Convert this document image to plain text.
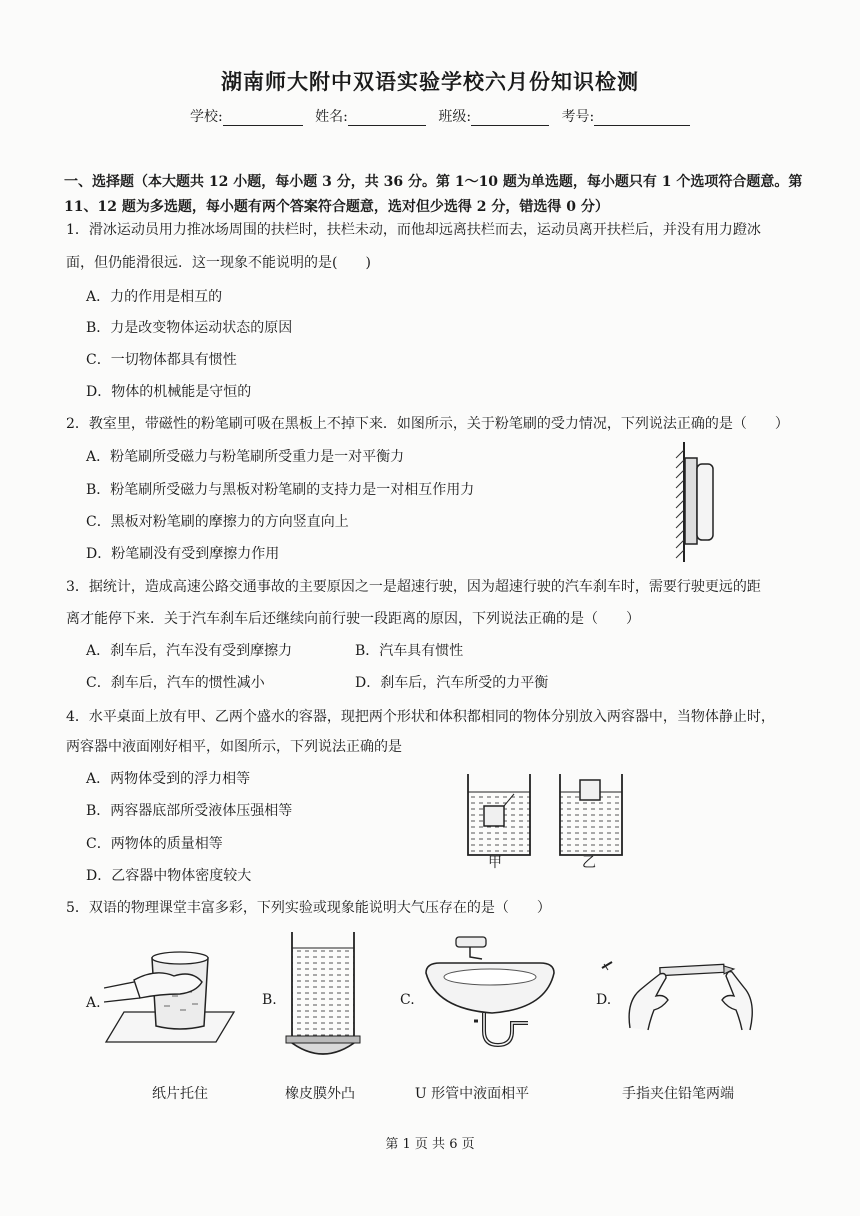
湖南师大附中双语实验学校六月份知识检测
学校:	姓名:	班级:	考号:
一、选择题（本大题共 12 小题，每小题 3 分，共 36 分。第 1～10 题为单选题，每小题只有 1 个选项符合题意。第
11、12 题为多选题，每小题有两个答案符合题意，选对但少选得 2 分，错选得 0 分）
1．滑冰运动员用力推冰场周围的扶栏时，扶栏未动，而他却远离扶栏而去，运动员离开扶栏后，并没有用力蹬冰
面，但仍能滑很远．这一现象不能说明的是(　　)
A．力的作用是相互的
B．力是改变物体运动状态的原因
C．一切物体都具有惯性
D．物体的机械能是守恒的
2．教室里，带磁性的粉笔刷可吸在黑板上不掉下来．如图所示，关于粉笔刷的受力情况，下列说法正确的是（　　）
A．粉笔刷所受磁力与粉笔刷所受重力是一对平衡力
B．粉笔刷所受磁力与黑板对粉笔刷的支持力是一对相互作用力
C．黑板对粉笔刷的摩擦力的方向竖直向上
D．粉笔刷没有受到摩擦力作用
3．据统计，造成高速公路交通事故的主要原因之一是超速行驶，因为超速行驶的汽车刹车时，需要行驶更远的距
离才能停下来．关于汽车刹车后还继续向前行驶一段距离的原因，下列说法正确的是（　　）
A．刹车后，汽车没有受到摩擦力	B．汽车具有惯性
C．刹车后，汽车的惯性减小	D．刹车后，汽车所受的力平衡
4．水平桌面上放有甲、乙两个盛水的容器，现把两个形状和体积都相同的物体分别放入两容器中，当物体静止时，
两容器中液面刚好相平，如图所示，下列说法正确的是
A．两物体受到的浮力相等
B．两容器底部所受液体压强相等
C．两物体的质量相等
D．乙容器中物体密度较大
甲	乙
5．双语的物理课堂丰富多彩，下列实验或现象能说明大气压存在的是（　　）
A.
纸片托住
B.
橡皮膜外凸
C.
U 形管中液面相平
D.
手指夹住铅笔两端
第 1 页 共 6 页
